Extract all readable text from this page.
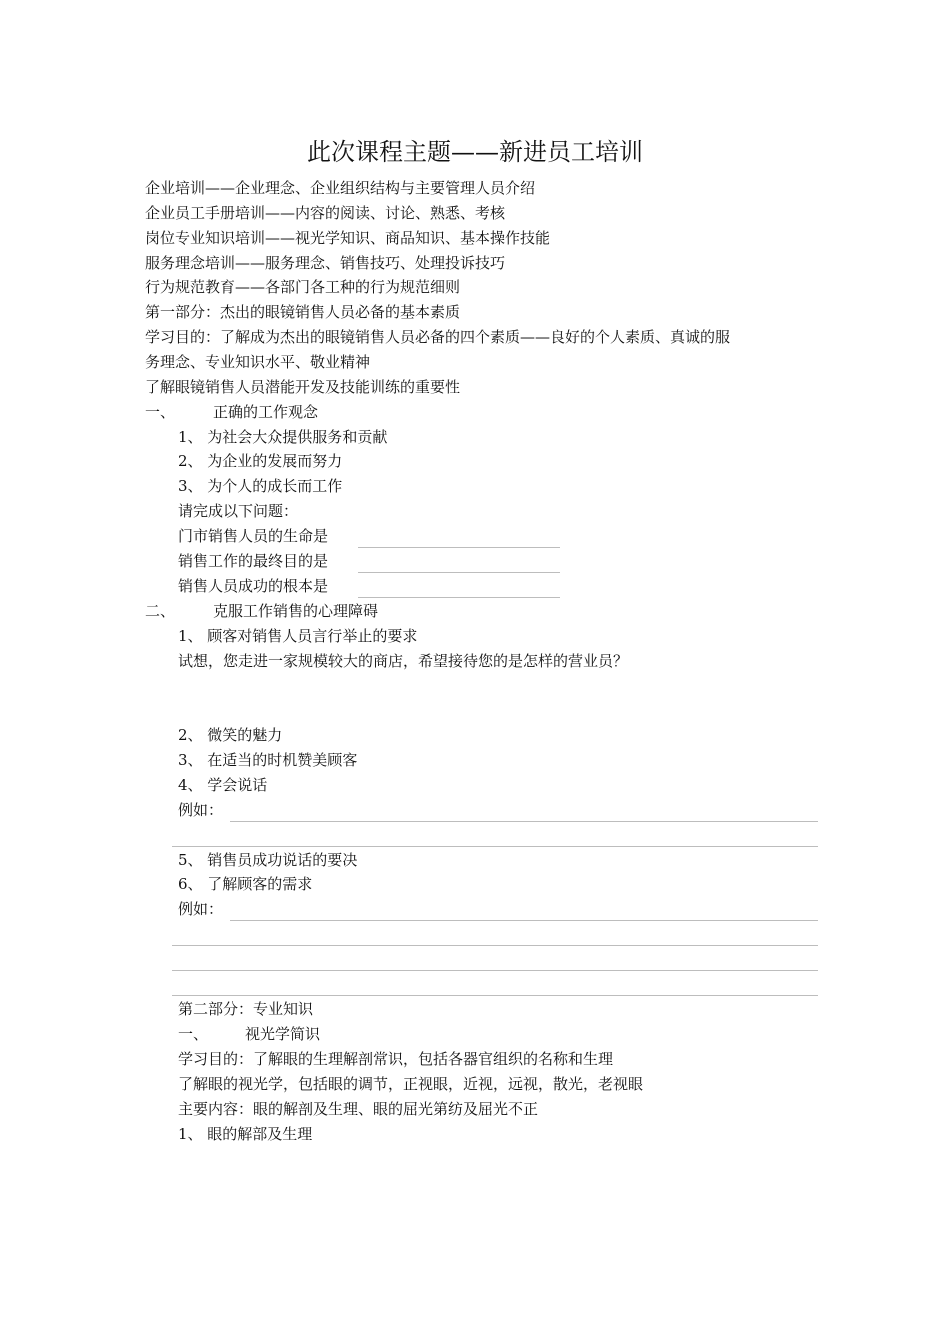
此次课程主题——新进员工培训
企业培训——企业理念、企业组织结构与主要管理人员介绍
企业员工手册培训——内容的阅读、讨论、熟悉、考核
岗位专业知识培训——视光学知识、商品知识、基本操作技能
服务理念培训——服务理念、销售技巧、处理投诉技巧
行为规范教育——各部门各工种的行为规范细则
第一部分：杰出的眼镜销售人员必备的基本素质
学习目的：了解成为杰出的眼镜销售人员必备的四个素质——良好的个人素质、真诚的服
务理念、专业知识水平、敬业精神
了解眼镜销售人员潜能开发及技能训练的重要性
一、	正确的工作观念
1、 为社会大众提供服务和贡献
2、 为企业的发展而努力
3、 为个人的成长而工作
请完成以下问题：
门市销售人员的生命是
销售工作的最终目的是
销售人员成功的根本是
二、	克服工作销售的心理障碍
1、 顾客对销售人员言行举止的要求
试想，您走进一家规模较大的商店，希望接待您的是怎样的营业员？
2、 微笑的魅力
3、 在适当的时机赞美顾客
4、 学会说话
例如：
5、 销售员成功说话的要决
6、 了解顾客的需求
例如：
第二部分：专业知识
一、 视光学简识
学习目的：了解眼的生理解剖常识，包括各器官组织的名称和生理
了解眼的视光学，包括眼的调节，正视眼，近视，远视，散光，老视眼
主要内容：眼的解剖及生理、眼的屈光第纺及屈光不正
1、 眼的解部及生理
